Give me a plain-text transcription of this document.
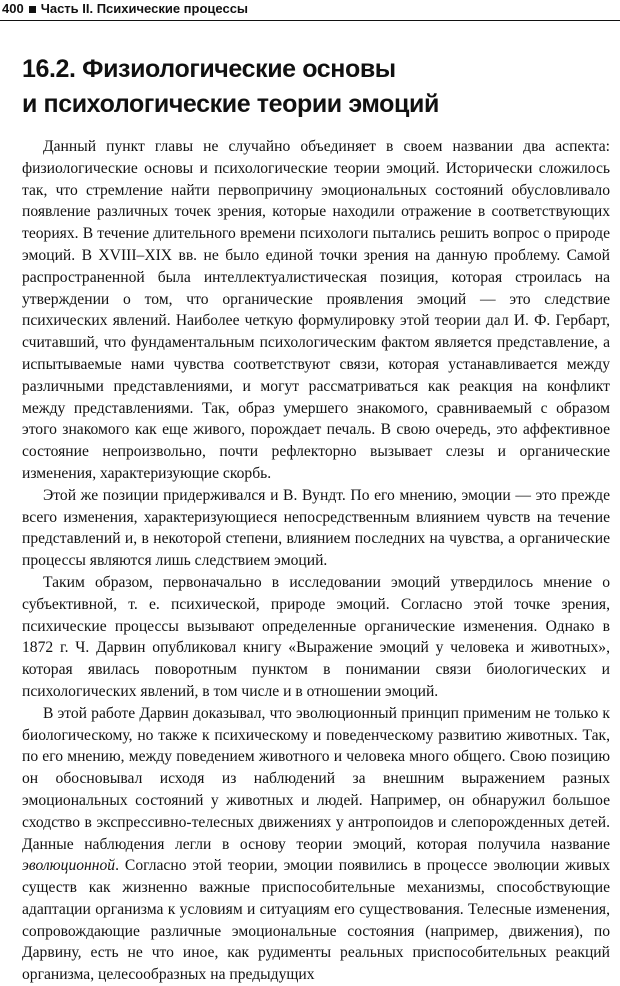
400 Часть II. Психические процессы
16.2. Физиологические основы
и психологические теории эмоций

Данный пункт главы не случайно объединяет в своем названии два аспекта: физиологические основы и психологические теории эмоций. Исторически сложилось так, что стремление найти первопричину эмоциональных состояний обусловливало появление различных точек зрения, которые находили отражение в соответствующих теориях. В течение длительного времени психологи пытались решить вопрос о природе эмоций. В XVIII–XIX вв. не было единой точки зрения на данную проблему. Самой распространенной была интеллектуалистическая позиция, которая строилась на утверждении о том, что органические проявления эмоций — это следствие психических явлений. Наиболее четкую формулировку этой теории дал И. Ф. Гербарт, считавший, что фундаментальным психологическим фактом является представление, а испытываемые нами чувства соответствуют связи, которая устанавливается между различными представлениями, и могут рассматриваться как реакция на конфликт между представлениями. Так, образ умершего знакомого, сравниваемый с образом этого знакомого как еще живого, порождает печаль. В свою очередь, это аффективное состояние непроизвольно, почти рефлекторно вызывает слезы и органические изменения, характеризующие скорбь.

Этой же позиции придерживался и В. Вундт. По его мнению, эмоции — это прежде всего изменения, характеризующиеся непосредственным влиянием чувств на течение представлений и, в некоторой степени, влиянием последних на чувства, а органические процессы являются лишь следствием эмоций.

Таким образом, первоначально в исследовании эмоций утвердилось мнение о субъективной, т. е. психической, природе эмоций. Согласно этой точке зрения, психические процессы вызывают определенные органические изменения. Однако в 1872 г. Ч. Дарвин опубликовал книгу «Выражение эмоций у человека и животных», которая явилась поворотным пунктом в понимании связи биологических и психологических явлений, в том числе и в отношении эмоций.

В этой работе Дарвин доказывал, что эволюционный принцип применим не только к биологическому, но также к психическому и поведенческому развитию животных. Так, по его мнению, между поведением животного и человека много общего. Свою позицию он обосновывал исходя из наблюдений за внешним выражением разных эмоциональных состояний у животных и людей. Например, он обнаружил большое сходство в экспрессивно-телесных движениях у антропоидов и слепорожденных детей. Данные наблюдения легли в основу теории эмоций, которая получила название эволюционной. Согласно этой теории, эмоции появились в процессе эволюции живых существ как жизненно важные приспособительные механизмы, способствующие адаптации организма к условиям и ситуациям его существования. Телесные изменения, сопровождающие различные эмоциональные состояния (например, движения), по Дарвину, есть не что иное, как рудименты реальных приспособительных реакций организма, целесообразных на предыдущих
